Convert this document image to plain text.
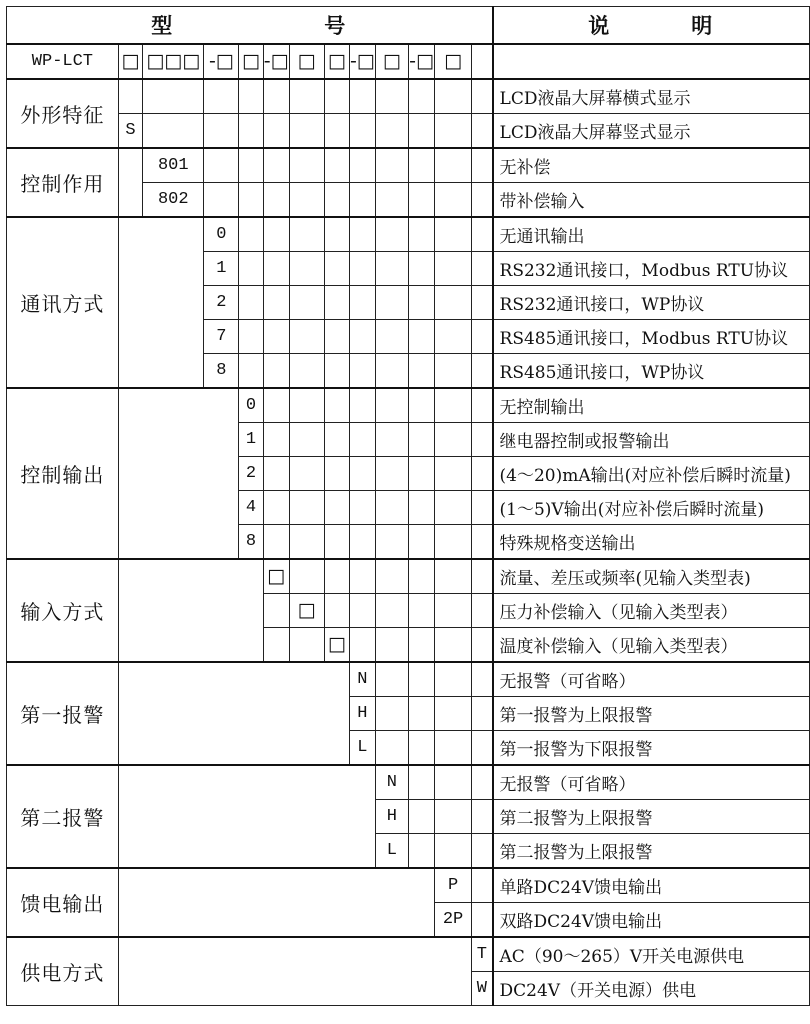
型 号													说 明
WP-LCT	□	□□□	-□	□	-□	□	□	-□	□	-□	□		
外形特征													LCD液晶大屏幕横式显示
	S												LCD液晶大屏幕竖式显示
控制作用		801											无补偿
		802											带补偿输入
通讯方式			0										无通讯输出
			1										RS232通讯接口，Modbus RTU协议
			2										RS232通讯接口，WP协议
			7										RS485通讯接口，Modbus RTU协议
			8										RS485通讯接口，WP协议
控制输出				0									无控制输出
				1									继电器控制或报警输出
				2									(4～20)mA输出(对应补偿后瞬时流量)
				4									(1～5)V输出(对应补偿后瞬时流量)
				8									特殊规格变送输出
输入方式					□								流量、差压或频率(见输入类型表)
						□							压力补偿输入（见输入类型表）
							□						温度补偿输入（见输入类型表）
第一报警								N					无报警（可省略）
								H					第一报警为上限报警
								L					第一报警为下限报警
第二报警									N				无报警（可省略）
									H				第二报警为上限报警
									L				第二报警为上限报警
馈电输出											P		单路DC24V馈电输出
											2P		双路DC24V馈电输出
供电方式												T	AC（90～265）V开关电源供电
												W	DC24V（开关电源）供电
